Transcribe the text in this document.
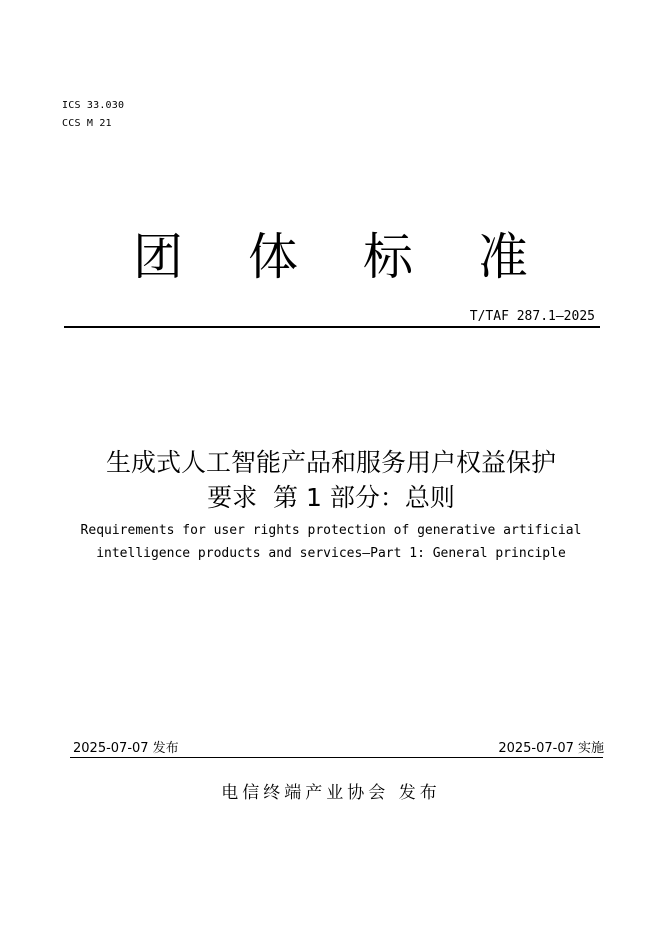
ICS 33.030
CCS M 21
团 体 标 准
T/TAF 287.1—2025
生成式人工智能产品和服务用户权益保护
要求  第 1 部分：总则
Requirements for user rights protection of generative artificial
intelligence products and services—Part 1: General principle
2025-07-07 发布	2025-07-07 实施
电信终端产业协会 发布
